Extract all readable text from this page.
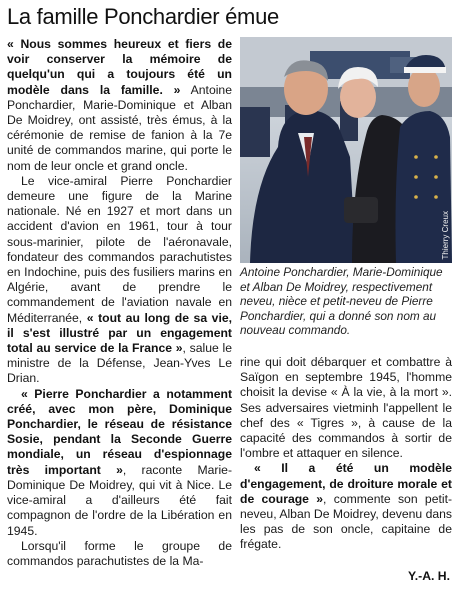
La famille Ponchardier émue

« Nous sommes heureux et fiers de voir conserver la mémoire de quelqu'un qui a toujours été un modèle dans la famille. » Antoine Ponchardier, Marie-Dominique et Alban De Moidrey, ont assisté, très émus, à la cérémonie de remise de fanion à la 7e unité de commandos marine, qui porte le nom de leur oncle et grand oncle.

Le vice-amiral Pierre Ponchardier demeure une figure de la Marine nationale. Né en 1927 et mort dans un accident d'avion en 1961, tour à tour sous-marinier, pilote de l'aéronavale, fondateur des commandos parachutistes en Indochine, puis des fusiliers marins en Algérie, avant de prendre le commandement de l'aviation navale en Méditerranée, « tout au long de sa vie, il s'est illustré par un engagement total au service de la France », salue le ministre de la Défense, Jean-Yves Le Drian.

« Pierre Ponchardier a notamment créé, avec mon père, Dominique Ponchardier, le réseau de résistance Sosie, pendant la Seconde Guerre mondiale, un réseau d'espionnage très important », raconte Marie-Dominique De Moidrey, qui vit à Nice. Le vice-amiral a d'ailleurs été fait compagnon de l'ordre de la Libération en 1945.

Lorsqu'il forme le groupe de commandos parachutistes de la Ma-

Thierry Creux

Antoine Ponchardier, Marie-Dominique et Alban De Moidrey, respectivement neveu, nièce et petit-neveu de Pierre Ponchardier, qui a donné son nom au nouveau commando.

rine qui doit débarquer et combattre à Saïgon en septembre 1945, l'homme choisit la devise « À la vie, à la mort ». Ses adversaires vietminh l'appellent le chef des « Tigres », à cause de la capacité des commandos à sortir de l'ombre et attaquer en silence.

« Il a été un modèle d'engagement, de droiture morale et de courage », commente son petit-neveu, Alban De Moidrey, devenu dans les pas de son oncle, capitaine de frégate.

Y.-A. H.
